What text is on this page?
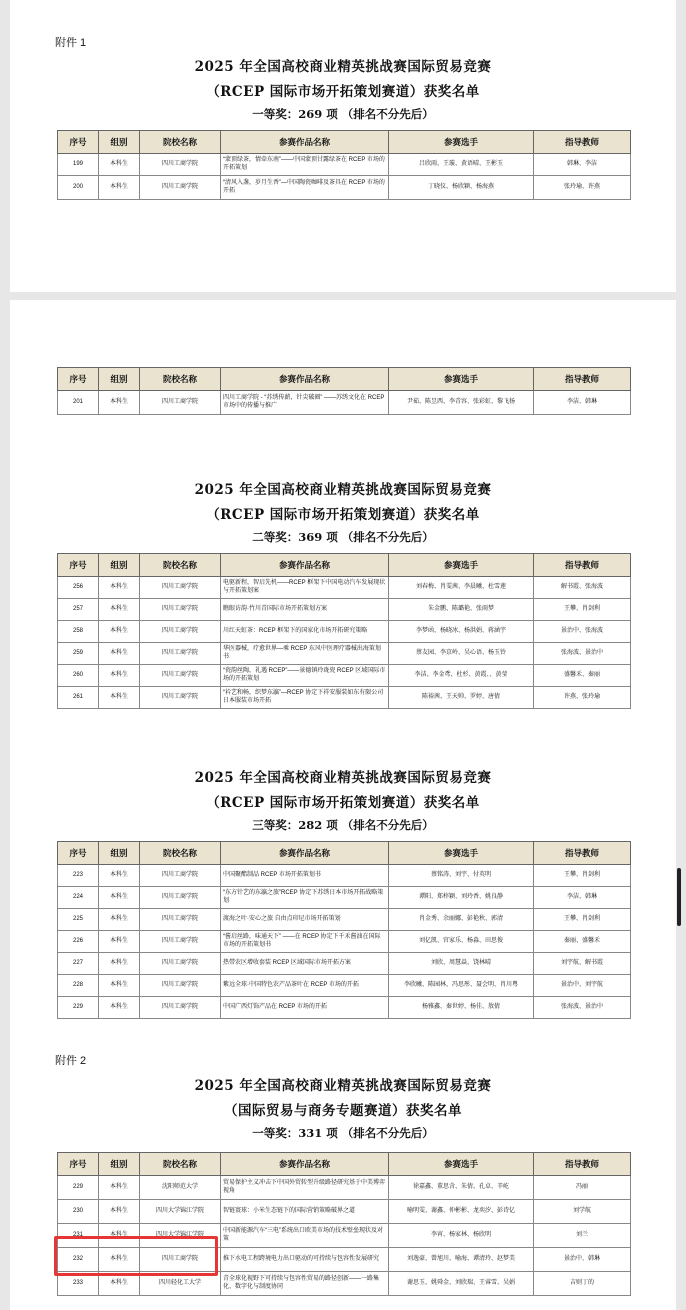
附件 1
2025 年全国高校商业精英挑战赛国际贸易竞赛
（RCEP 国际市场开拓策划赛道）获奖名单
一等奖：269 项 （排名不分先后）
序号	组别	院校名称	参赛作品名称	参赛选手	指导教师
199	本科生	四川工商学院	“蒙顶绿茶，情牵东南”——中国蒙顶甘露绿茶在 RCEP 市场的开拓策划	吕欣雨、王璇、黄语晴、王彬玉	韩琳、李洁
200	本科生	四川工商学院	“清风入盏，岁月生香”—中国陶瓷咖啡及茶具在 RCEP 市场的开拓	丁晓仪、杨欣颖、杨海燕	张玲瑜、许燕
序号	组别	院校名称	参赛作品名称	参赛选手	指导教师
201	本科生	四川工商学院	四川工商学院 - “苏绣传薪，针尖破圈” ——苏绣文化在 RCEP 市场中的传播与推广	尹茹、陈昱西、李青容、张彩虹、黎飞扬	李洁、韩琳
2025 年全国高校商业精英挑战赛国际贸易竞赛
（RCEP 国际市场开拓策划赛道）获奖名单
二等奖：369 项 （排名不分先后）
序号	组别	院校名称	参赛作品名称	参赛选手	指导教师
256	本科生	四川工商学院	电驱新程，智启先机——RCEP 框架下中国电动汽车发展现状与开拓策划案	刘春梅、肖雯茜、李晨曦、杜雪莲	解书霞、张海波
257	本科生	四川工商学院	瞧眼访韵·竹川青国际市场开拓策划方案	朱金鹏、陈璐艳、张雨梦	王攀、肖剑利
258	本科生	四川工商学院	川红天虹茶：RCEP 框架下的国家化市场开拓研究策略	李梦函、杨晓冰、杨洪娟、蒋涵宇	景治中、张海波
259	本科生	四川工商学院	华医器械，疗愈世界—乘 RCEP 东风中医理疗器械出海策划书	蔡友园、李京岭、吴心语、杨玉铃	张海波、景治中
260	本科生	四川工商学院	“瓷韵丝陶，礼遇 RCEP”——景德镇玲珑瓷 RCEP 区域国际市场的开拓策划	李洁、李金鸢、杜杉、黄霞、、黄莹	盛馨禾、秦丽
261	本科生	四川工商学院	“衿艺和畅，织梦东瀛”—RCEP 协定下祥安服装如东有限公司日本服装市场开拓	陈裕茜、王天帅、罗婷、唐倩	许燕、张玲瑜
2025 年全国高校商业精英挑战赛国际贸易竞赛
（RCEP 国际市场开拓策划赛道）获奖名单
三等奖：282 项 （排名不分先后）
序号	组别	院校名称	参赛作品名称	参赛选手	指导教师
223	本科生	四川工商学院	中国聚酯制品 RCEP 市场开拓策划书	蔡铭涛、刘宇、付英明	王攀、肖剑利
224	本科生	四川工商学院	“东方针艺的东瀛之旅”RCEP 协定下苏绣日本市场开拓战略策划	谭阳、郑梓颖、刘玲香、姚良静	李洁、韩琳
225	本科生	四川工商学院	渡海之叶·安心之旅 自由点印尼市场开拓策划	肖金秀、余丽娜、彭艳秋、郭清	王攀、肖剑利
226	本科生	四川工商学院	“酱启丝路，味通天下” ——在 RCEP 协定下千禾酱油在国际市场的开拓策划书	刘亿凯、官家乐、杨淼、田思俊	秦丽、盛馨禾
227	本科生	四川工商学院	热带农区增收套装 RCEP 区域国际市场开拓方案	刘欣、周慧焱、饶林晴	刘宇航、解书霞
228	本科生	四川工商学院	紫远全球·中国特色农产品茶叶在 RCEP 市场的开拓	李欣曦、陈园林、冯思彤、聂会明、肖川粤	景治中、刘宇航
229	本科生	四川工商学院	中国广西灯饰产品在 RCEP 市场的开拓	杨雅鑫、秦世婷、杨佳、敖倩	张海波、景治中
附件 2
2025 年全国高校商业精英挑战赛国际贸易竞赛
（国际贸易与商务专题赛道）获奖名单
一等奖：331 项 （排名不分先后）
序号	组别	院校名称	参赛作品名称	参赛选手	指导教师
229	本科生	沈阳师范大学	贸易保护主义冲击下中国外贸转型升级路径研究基于中美博弈视角	徐嘉鑫、董思含、朱倩、孔卓、辛屹	冯丽
230	本科生	四川大学锦江学院	智链寰球：小米生态链下的国际营销策略破界之道	喻明雯、谢鑫、仲彬彬、龙奕汐、彭诗亿	刘学航
231	本科生	四川大学锦江学院	中国新能源汽车“三电”系统出口欧美市场的技术壁垒现状及对策	李宵、杨家林、杨欣明	刘兰
232	本科生	四川工商学院	推下水电工程跨境电力出口驱动的可持续与包容性发展研究	刘逸豪、曾旭川、喻海、谭清玲、赵梦美	景治中、韩琳
233	本科生	四川轻化工大学	青全球化视野下可持续与包容性贸易的路径创新——一路集化、数字化与制度协同	谢思玉、姚舜金、刘欣瑞、王睿雪、吴娟	吉则丁的
